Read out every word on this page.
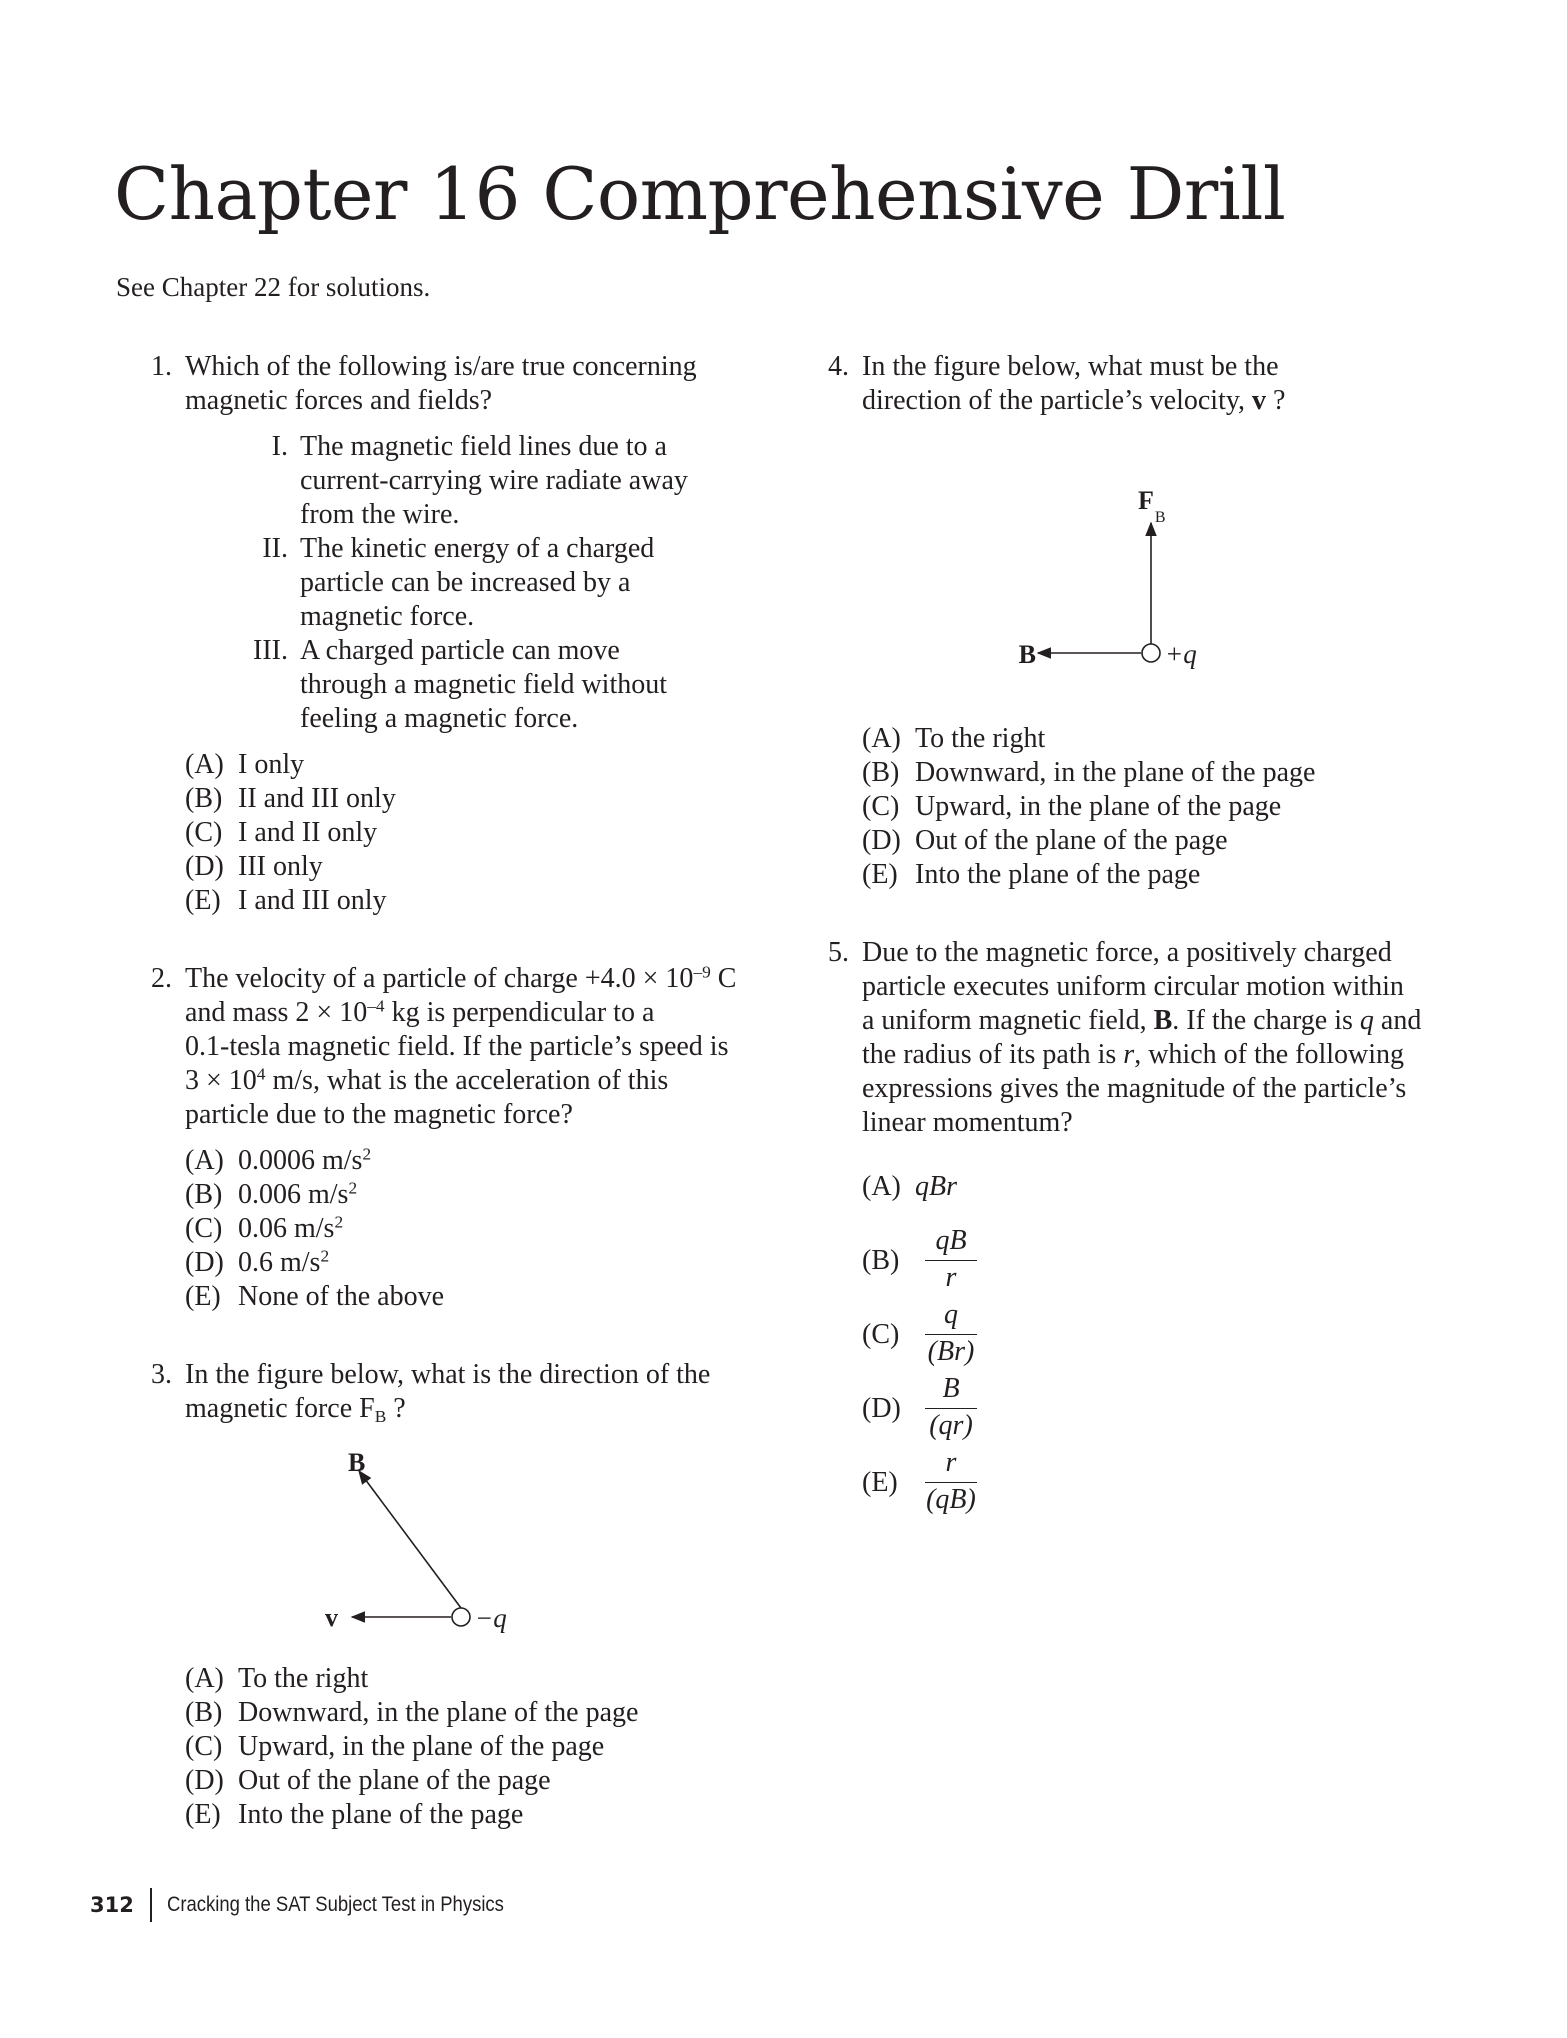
Chapter 16 Comprehensive Drill
See Chapter 22 for solutions.
1. Which of the following is/are true concerning magnetic forces and fields?
I. The magnetic field lines due to a current-carrying wire radiate away from the wire.
II. The kinetic energy of a charged particle can be increased by a magnetic force.
III. A charged particle can move through a magnetic field without feeling a magnetic force.
(A) I only
(B) II and III only
(C) I and II only
(D) III only
(E) I and III only
2. The velocity of a particle of charge $+4.0 \times 10^{-9}$ C
and mass $2 \times 10^{-4}$ kg is perpendicular to a
0.1-tesla magnetic field. If the particle’s speed is
$3 \times 10^4$ m/s, what is the acceleration of this
particle due to the magnetic force?
(A) 0.0006 $m/s^2$
(B) 0.006 $m/s^2$
(C) 0.06 $m/s^2$
(D) 0.6 $m/s^2$
(E) None of the above
3. In the figure below, what is the direction of the
magnetic force $F_B$ ?
B
v	−q
(A) To the right
(B) Downward, in the plane of the page
(C) Upward, in the plane of the page
(D) Out of the plane of the page
(E) Into the plane of the page
4. In the figure below, what must be the
direction of the particle’s velocity, v ?
$F_B$
B	+q
(A) To the right
(B) Downward, in the plane of the page
(C) Upward, in the plane of the page
(D) Out of the plane of the page
(E) Into the plane of the page
5. Due to the magnetic force, a positively charged
particle executes uniform circular motion within
a uniform magnetic field, B. If the charge is q and
the radius of its path is r, which of the following
expressions gives the magnitude of the particle’s
linear momentum?
(A) qBr
(B)
qB
r
(C)
q
(Br)
(D)
B
(qr)
(E)
r
(qB)
312 Cracking the SAT Subject Test in Physics
